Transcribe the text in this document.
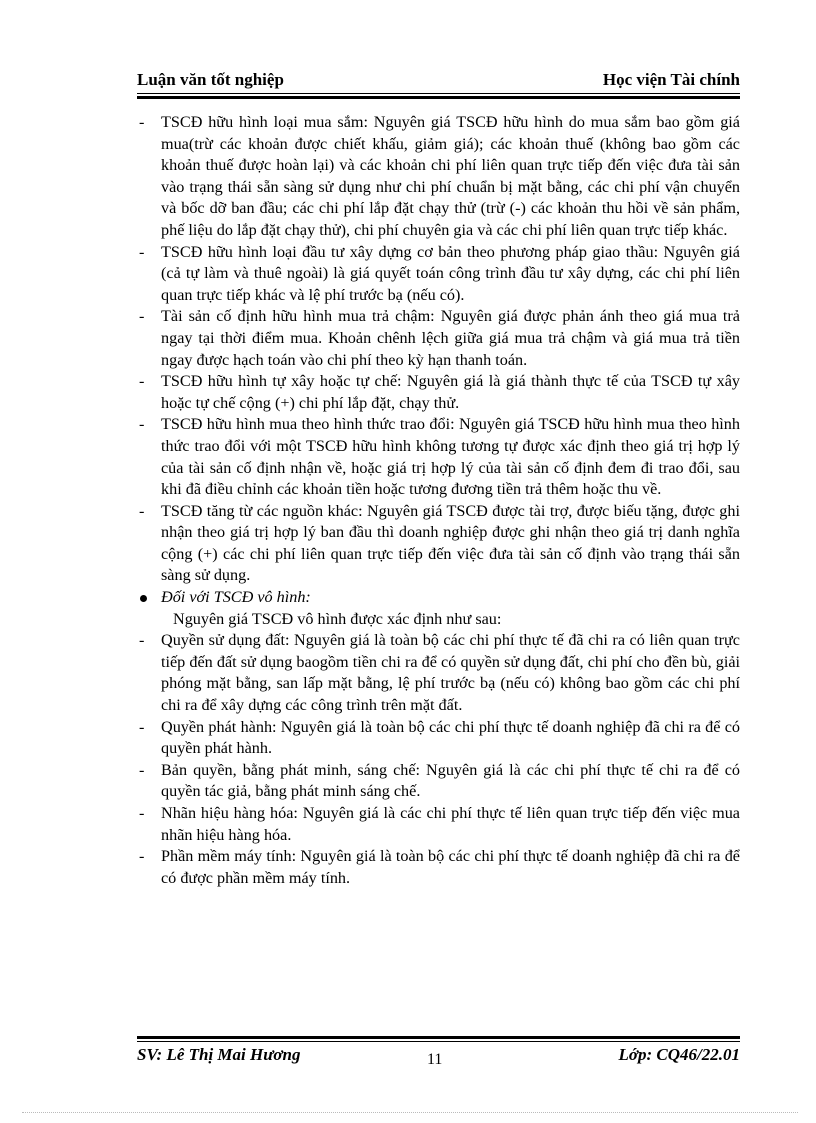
Luận văn tốt nghiệp	Học viện Tài chính

- TSCĐ hữu hình loại mua sắm: Nguyên giá TSCĐ hữu hình do mua sắm bao gồm giá mua(trừ các khoản được chiết khấu, giảm giá); các khoản thuế (không bao gồm các khoản thuế được hoàn lại) và các khoản chi phí liên quan trực tiếp đến việc đưa tài sản vào trạng thái sẵn sàng sử dụng như chi phí chuẩn bị mặt bằng, các chi phí vận chuyển và bốc dỡ ban đầu; các chi phí lắp đặt chạy thử (trừ (-) các khoản thu hồi về sản phẩm, phế liệu do lắp đặt chạy thử), chi phí chuyên gia và các chi phí liên quan trực tiếp khác.

- TSCĐ hữu hình loại đầu tư xây dựng cơ bản theo phương pháp giao thầu: Nguyên giá (cả tự làm và thuê ngoài) là giá quyết toán công trình đầu tư xây dựng, các chi phí liên quan trực tiếp khác và lệ phí trước bạ (nếu có).

- Tài sản cố định hữu hình mua trả chậm: Nguyên giá được phản ánh theo giá mua trả ngay tại thời điểm mua. Khoản chênh lệch giữa giá mua trả chậm và giá mua trả tiền ngay được hạch toán vào chi phí theo kỳ hạn thanh toán.

- TSCĐ hữu hình tự xây hoặc tự chế: Nguyên giá là giá thành thực tế của TSCĐ tự xây hoặc tự chế cộng (+) chi phí lắp đặt, chạy thử.

- TSCĐ hữu hình mua theo hình thức trao đổi: Nguyên giá TSCĐ hữu hình mua theo hình thức trao đổi với một TSCĐ hữu hình không tương tự được xác định theo giá trị hợp lý của tài sản cố định nhận về, hoặc giá trị hợp lý của tài sản cố định đem đi trao đổi, sau khi đã điều chỉnh các khoản tiền hoặc tương đương tiền trả thêm hoặc thu về.

- TSCĐ tăng từ các nguồn khác: Nguyên giá TSCĐ được tài trợ, được biếu tặng, được ghi nhận theo giá trị hợp lý ban đầu thì doanh nghiệp được ghi nhận theo giá trị danh nghĩa cộng (+) các chi phí liên quan trực tiếp đến việc đưa tài sản cố định vào trạng thái sẵn sàng sử dụng.

Đối với TSCĐ vô hình:

Nguyên giá TSCĐ vô hình được xác định như sau:

- Quyền sử dụng đất: Nguyên giá là toàn bộ các chi phí thực tế đã chi ra có liên quan trực tiếp đến đất sử dụng baogồm tiền chi ra để có quyền sử dụng đất, chi phí cho đền bù, giải phóng mặt bằng, san lấp mặt bằng, lệ phí trước bạ (nếu có) không bao gồm các chi phí chi ra để xây dựng các công trình trên mặt đất.

- Quyền phát hành: Nguyên giá là toàn bộ các chi phí thực tế doanh nghiệp đã chi ra để có quyền phát hành.

- Bản quyền, bằng phát minh, sáng chế: Nguyên giá là các chi phí thực tế chi ra để có quyền tác giả, bằng phát minh sáng chế.

- Nhãn hiệu hàng hóa: Nguyên giá là các chi phí thực tế liên quan trực tiếp đến việc mua nhãn hiệu hàng hóa.

- Phần mềm máy tính: Nguyên giá là toàn bộ các chi phí thực tế doanh nghiệp đã chi ra để có được phần mềm máy tính.

SV: Lê Thị Mai Hương	11	Lớp: CQ46/22.01
